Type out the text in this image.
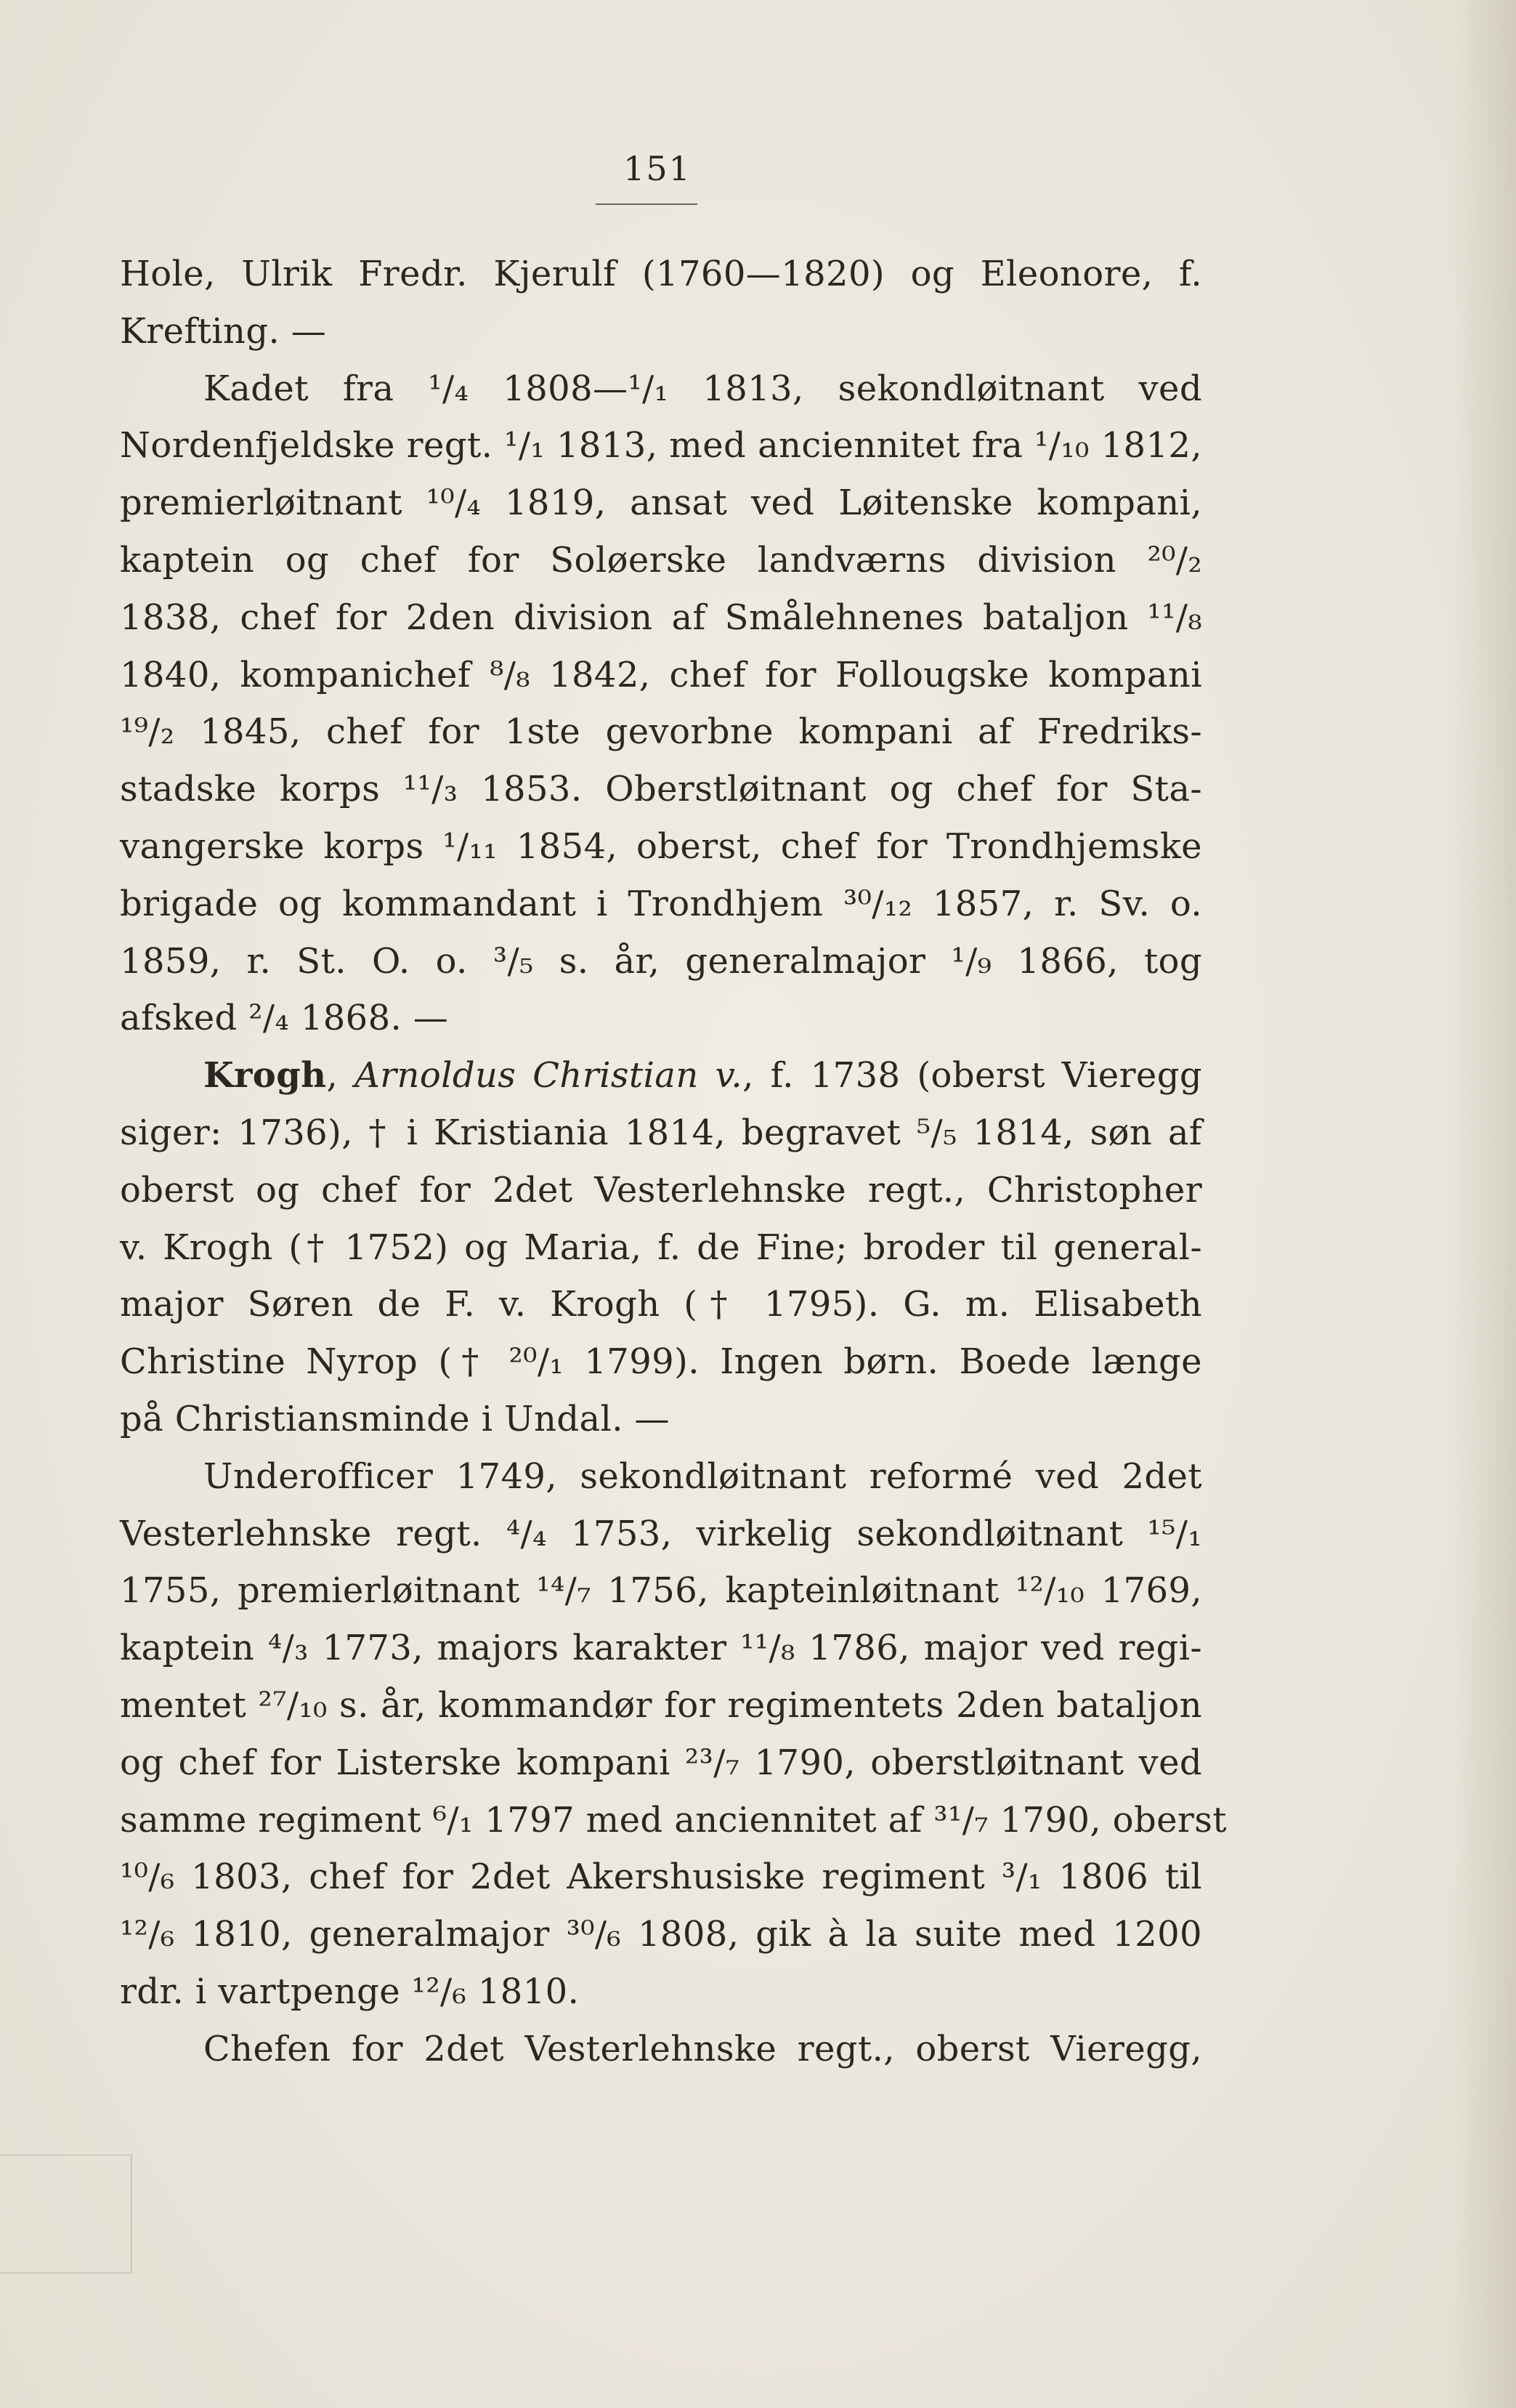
151
Hole, Ulrik Fredr. Kjerulf (1760—1820) og Eleonore, f.
Krefting. —
Kadet fra ¹/₄ 1808—¹/₁ 1813, sekondløitnant ved
Nordenfjeldske regt. ¹/₁ 1813, med anciennitet fra ¹/₁₀ 1812,
premierløitnant ¹⁰/₄ 1819, ansat ved Løitenske kompani,
kaptein og chef for Soløerske landværns division ²⁰/₂
1838, chef for 2den division af Smålehnenes bataljon ¹¹/₈
1840, kompanichef ⁸/₈ 1842, chef for Follougske kompani
¹⁹/₂ 1845, chef for 1ste gevorbne kompani af Fredriks-
stadske korps ¹¹/₃ 1853. Oberstløitnant og chef for Sta-
vangerske korps ¹/₁₁ 1854, oberst, chef for Trondhjemske
brigade og kommandant i Trondhjem ³⁰/₁₂ 1857, r. Sv. o.
1859, r. St. O. o. ³/₅ s. år, generalmajor ¹/₉ 1866, tog
afsked ²/₄ 1868. —
Krogh, Arnoldus Christian v., f. 1738 (oberst Vieregg
siger: 1736), † i Kristiania 1814, begravet ⁵/₅ 1814, søn af
oberst og chef for 2det Vesterlehnske regt., Christopher
v. Krogh († 1752) og Maria, f. de Fine; broder til general-
major Søren de F. v. Krogh († 1795). G. m. Elisabeth
Christine Nyrop († ²⁰/₁ 1799). Ingen børn. Boede længe
på Christiansminde i Undal. —
Underofficer 1749, sekondløitnant reformé ved 2det
Vesterlehnske regt. ⁴/₄ 1753, virkelig sekondløitnant ¹⁵/₁
1755, premierløitnant ¹⁴/₇ 1756, kapteinløitnant ¹²/₁₀ 1769,
kaptein ⁴/₃ 1773, majors karakter ¹¹/₈ 1786, major ved regi-
mentet ²⁷/₁₀ s. år, kommandør for regimentets 2den bataljon
og chef for Listerske kompani ²³/₇ 1790, oberstløitnant ved
samme regiment ⁶/₁ 1797 med anciennitet af ³¹/₇ 1790, oberst
¹⁰/₆ 1803, chef for 2det Akershusiske regiment ³/₁ 1806 til
¹²/₆ 1810, generalmajor ³⁰/₆ 1808, gik à la suite med 1200
rdr. i vartpenge ¹²/₆ 1810.
Chefen for 2det Vesterlehnske regt., oberst Vieregg,
